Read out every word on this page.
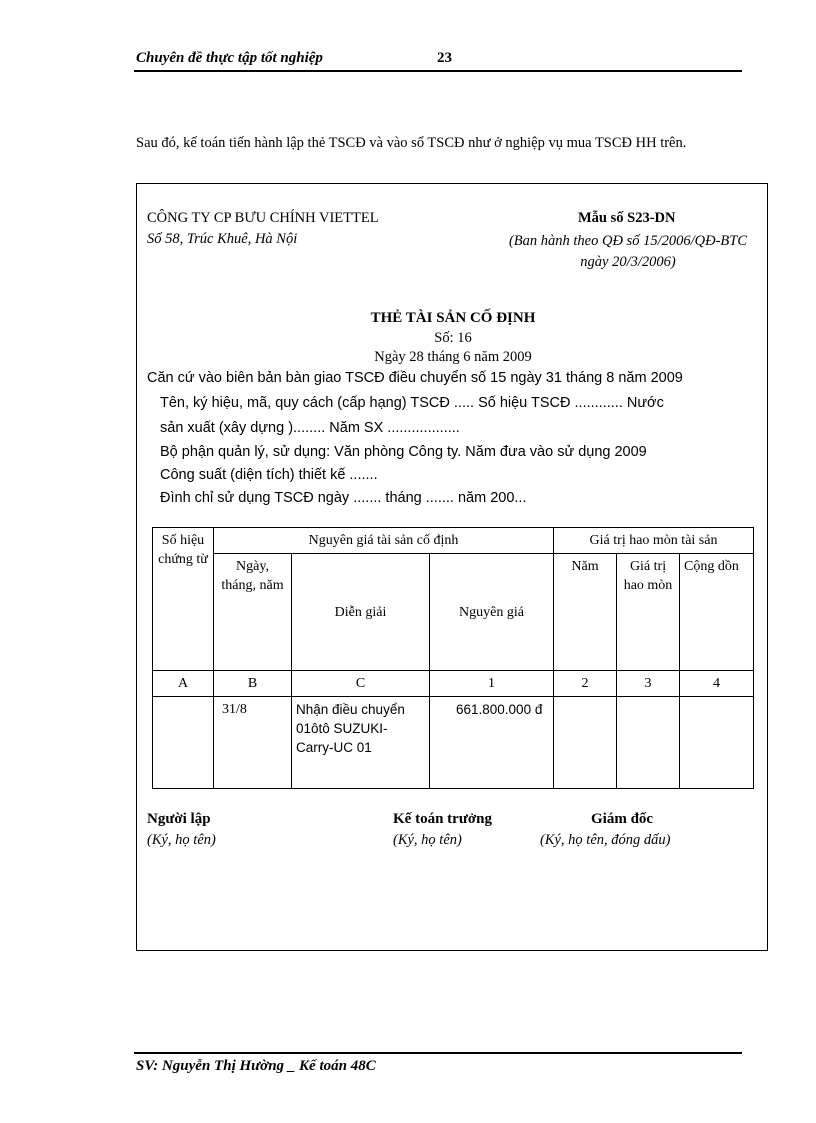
Chuyên đề thực tập tốt nghiệp	23
Sau đó, kế toán tiến hành lập thẻ TSCĐ và vào sổ TSCĐ như ở nghiệp vụ mua TSCĐ HH trên.
CÔNG TY CP BƯU CHÍNH VIETTEL
Số 58, Trúc Khuê, Hà Nội
Mẫu số S23-DN
(Ban hành theo QĐ số 15/2006/QĐ-BTC ngày 20/3/2006)
THẺ TÀI SẢN CỐ ĐỊNH
Số: 16
Ngày 28 tháng 6 năm 2009
Căn cứ vào biên bản bàn giao TSCĐ điều chuyển số 15 ngày 31 tháng 8 năm 2009
Tên, ký hiệu, mã, quy cách (cấp hạng) TSCĐ ..... Số hiệu TSCĐ ............ Nước
sản xuất (xây dựng )........ Năm SX ..................
Bộ phận quản lý, sử dụng: Văn phòng Công ty. Năm đưa vào sử dụng 2009
Công suất (diện tích) thiết kế .......
Đình chỉ sử dụng TSCĐ ngày ....... tháng ....... năm 200...
Số hiệu chứng từ	Nguyên giá tài sản cố định			Giá trị hao mòn tài sản		
	Ngày, tháng, năm	Diễn giải	Nguyên giá	Năm	Giá trị hao mòn	Cộng dồn
A	B	C	1	2	3	4
	31/8	Nhận điều chuyển 01ôtô SUZUKI-Carry-UC 01	661.800.000 đ			
Người lập
(Ký, họ tên)
Kế toán trưởng
(Ký, họ tên)
Giám đốc
(Ký, họ tên, đóng dấu)
SV: Nguyễn Thị Hường _ Kế toán 48C
